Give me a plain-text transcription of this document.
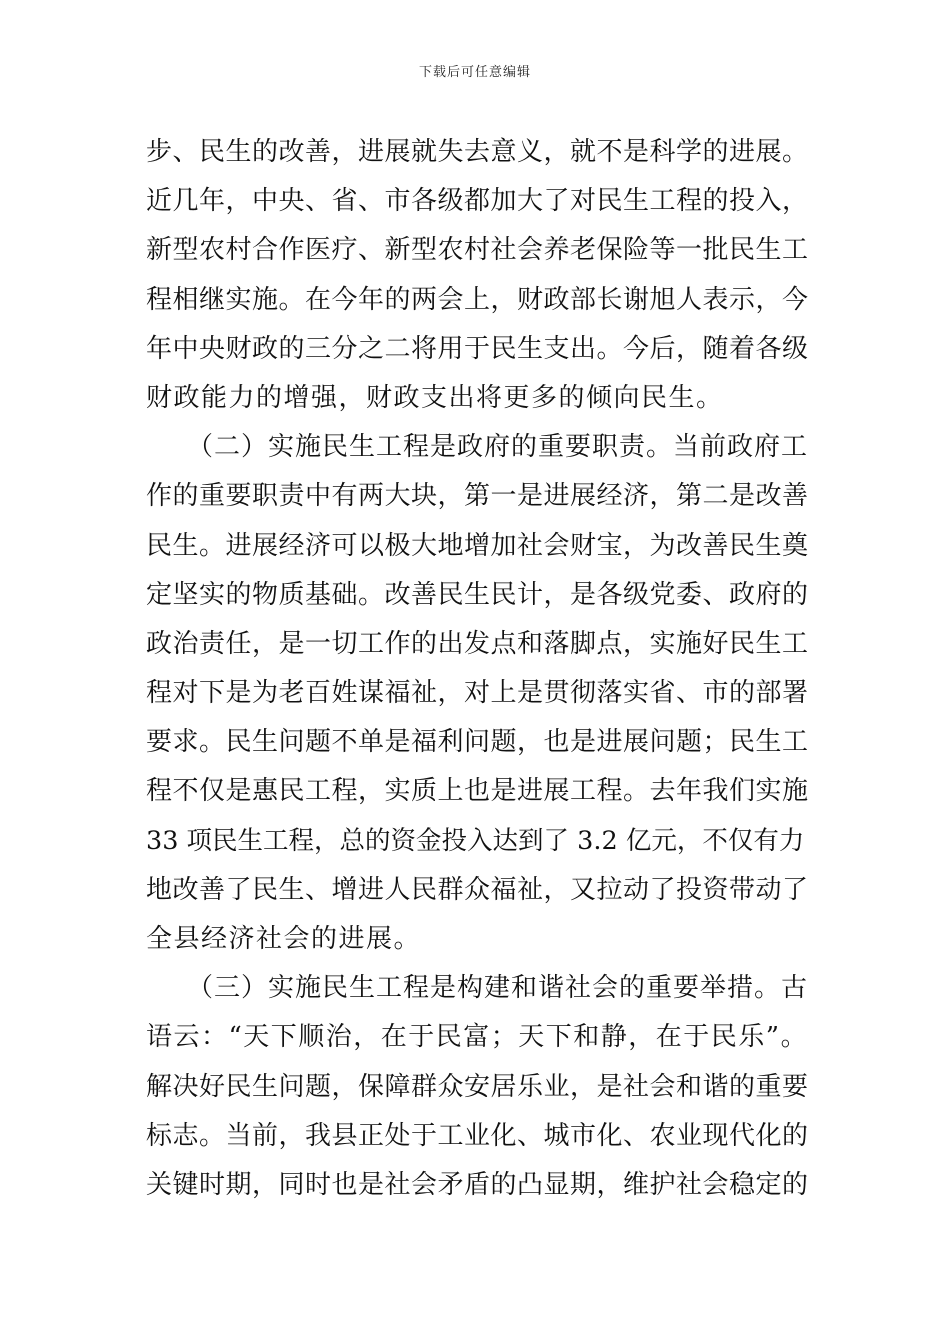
下载后可任意编辑
步、民生的改善，进展就失去意义，就不是科学的进展。
近几年，中央、省、市各级都加大了对民生工程的投入，
新型农村合作医疗、新型农村社会养老保险等一批民生工
程相继实施。在今年的两会上，财政部长谢旭人表示，今
年中央财政的三分之二将用于民生支出。今后，随着各级
财政能力的增强，财政支出将更多的倾向民生。
　　（二）实施民生工程是政府的重要职责。当前政府工
作的重要职责中有两大块，第一是进展经济，第二是改善
民生。进展经济可以极大地增加社会财宝，为改善民生奠
定坚实的物质基础。改善民生民计，是各级党委、政府的
政治责任，是一切工作的出发点和落脚点，实施好民生工
程对下是为老百姓谋福祉，对上是贯彻落实省、市的部署
要求。民生问题不单是福利问题，也是进展问题；民生工
程不仅是惠民工程，实质上也是进展工程。去年我们实施
33 项民生工程，总的资金投入达到了 3.2 亿元，不仅有力
地改善了民生、增进人民群众福祉，又拉动了投资带动了
全县经济社会的进展。
　　（三）实施民生工程是构建和谐社会的重要举措。古
语云：“天下顺治，在于民富；天下和静，在于民乐”。
解决好民生问题，保障群众安居乐业，是社会和谐的重要
标志。当前，我县正处于工业化、城市化、农业现代化的
关键时期，同时也是社会矛盾的凸显期，维护社会稳定的
